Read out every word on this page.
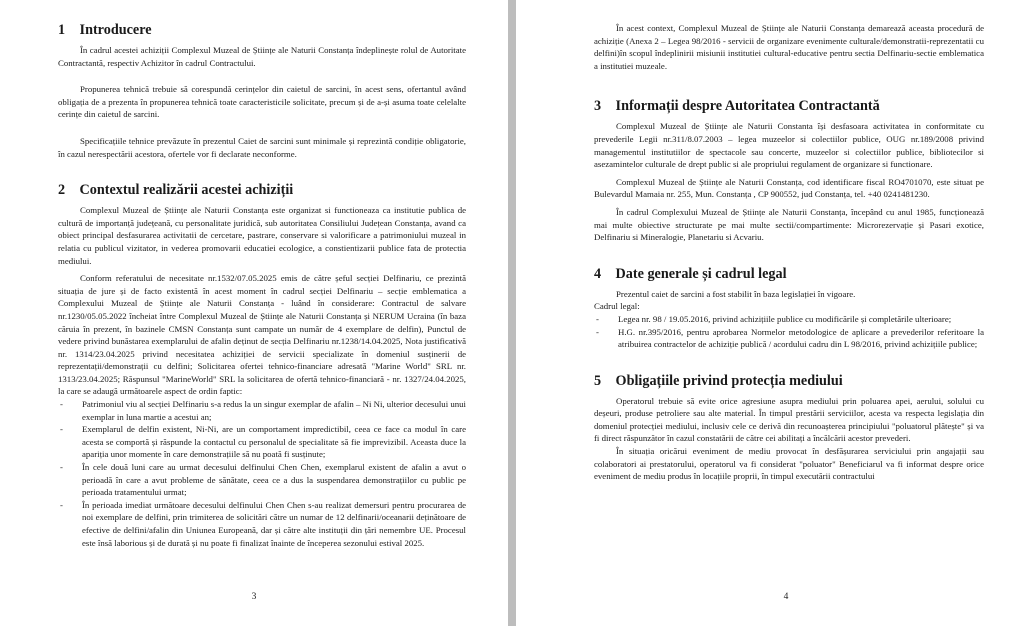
1 Introducere

În cadrul acestei achiziții Complexul Muzeal de Științe ale Naturii Constanța îndeplinește rolul de Autoritate Contractantă, respectiv Achizitor în cadrul Contractului.

Propunerea tehnică trebuie să corespundă cerințelor din caietul de sarcini, în acest sens, ofertantul având obligația de a prezenta în propunerea tehnică toate caracteristicile solicitate, precum și de a-și asuma toate celelalte cerințe din caietul de sarcini.

Specificațiile tehnice prevăzute în prezentul Caiet de sarcini sunt minimale și reprezintă condiție obligatorie, în cazul nerespectării acestora, ofertele vor fi declarate neconforme.

2 Contextul realizării acestei achiziții

Complexul Muzeal de Științe ale Naturii Constanța este organizat si functioneaza ca institutie publica de cultură de importanță județeană, cu personalitate juridică, sub autoritatea Consiliului Județean Constanța, avand ca obiect principal desfasurarea activitatii de cercetare, pastrare, conservare si valorificare a patrimoniului muzeal in relatia cu publicul vizitator, in vederea promovarii educatiei ecologice, a constientizarii publice fata de protectia mediului.

Conform referatului de necesitate nr.1532/07.05.2025 emis de către șeful secției Delfinariu, ce prezintă situația de jure și de facto existentă în acest moment în cadrul secției Delfinariu – secție emblematica a Complexului Muzeal de Științe ale Naturii Constanța - luând în considerare: Contractul de salvare nr.1230/05.05.2022 încheiat între Complexul Muzeal de Științe ale Naturii Constanța și NERUM Ucraina (în baza căruia în prezent, în bazinele CMSN Constanța sunt campate un număr de 4 exemplare de delfin), Punctul de vedere privind bunăstarea exemplarului de afalin deținut de secția Delfinariu nr.1238/14.04.2025, Nota justificativă nr. 1314/23.04.2025 privind necesitatea achiziției de servicii specializate în domeniul susținerii de reprezentații/demonstrații cu delfini; Solicitarea ofertei tehnico-financiare adresată "Marine World" SRL nr. 1313/23.04.2025; Răspunsul "MarineWorld" SRL la solicitarea de ofertă tehnico-financiară - nr. 1327/24.04.2025, la care se adaugă următoarele aspect de ordin faptic:

- Patrimoniul viu al secției Delfinariu s-a redus la un singur exemplar de afalin – Ni Ni, ulterior decesului unui exemplar in luna martie a acestui an;
- Exemplarul de delfin existent, Ni-Ni, are un comportament impredictibil, ceea ce face ca modul în care acesta se comportă și răspunde la contactul cu personalul de specialitate să fie imprevizibil. Aceasta duce la apariția unor momente în care demonstrațiile să nu poată fi susținute;
- În cele două luni care au urmat decesului delfinului Chen Chen, exemplarul existent de afalin a avut o perioadă în care a avut probleme de sănătate, ceea ce a dus la suspendarea demonstrațiilor cu public pe perioada tratamentului urmat;
- În perioada imediat următoare decesului delfinului Chen Chen s-au realizat demersuri pentru procurarea de noi exemplare de delfini, prin trimiterea de solicitări către un numar de 12 delfinarii/oceanarii deținătoare de efective de delfini/afalin din Uniunea Europeană, dar și către alte instituții din țări nemembre UE. Procesul este însă laborious și de durată și nu poate fi finalizat înainte de începerea sezonului estival 2025.
3

În acest context, Complexul Muzeal de Științe ale Naturii Constanța demarează aceasta procedură de achiziție (Anexa 2 – Legea 98/2016 - servicii de organizare evenimente culturale/demonstratii-reprezentatii cu delfini)în scopul îndeplinirii misiunii institutiei cultural-educative pentru sectia Delfinariu-sectie emblematica a institutiei muzeale.

3 Informații despre Autoritatea Contractantă

Complexul Muzeal de Științe ale Naturii Constanta își desfasoara activitatea in conformitate cu prevederile Legii nr.311/8.07.2003 – legea muzeelor si colectiilor publice, OUG nr.189/2008 privind managementul institutiilor de spectacole sau concerte, muzeelor si colectiilor publice, bibliotecilor si asezamintelor culturale de drept public si ale propriului regulament de organizare si functionare.

Complexul Muzeal de Științe ale Naturii Constanța, cod identificare fiscal RO4701070, este situat pe Bulevardul Mamaia nr. 255, Mun. Constanța , CP 900552, jud Constanța, tel. +40 0241481230.

În cadrul Complexului Muzeal de Științe ale Naturii Constanța, începând cu anul 1985, funcționează mai multe obiective structurate pe mai multe sectii/compartimente: Microrezervație și Pasari exotice, Delfinariu si Mineralogie, Planetariu si Acvariu.

4 Date generale și cadrul legal

Prezentul caiet de sarcini a fost stabilit în baza legislației în vigoare.

Cadrul legal:

- Legea nr. 98 / 19.05.2016, privind achizițiile publice cu modificările și completările ulterioare;
- H.G. nr.395/2016, pentru aprobarea Normelor metodologice de aplicare a prevederilor referitoare la atribuirea contractelor de achiziție publică / acordului cadru din L 98/2016, privind achizițiile publice;
5 Obligațiile privind protecția mediului

Operatorul trebuie să evite orice agresiune asupra mediului prin poluarea apei, aerului, solului cu deșeuri, produse petroliere sau alte material. În timpul prestării serviciilor, acesta va respecta legislația din domeniul protecției mediului, inclusiv cele ce derivă din recunoașterea principiului "poluatorul plătește" și va fi direct răspunzător în cazul constatării de către cei abilitați a încălcării acestor prevederi.

În situația oricărui eveniment de mediu provocat în desfășurarea serviciului prin angajații sau colaboratori ai prestatorului, operatorul va fi considerat "poluator" Beneficiarul va fi informat despre orice eveniment de mediu produs în locațiile proprii, în timpul executării contractului

4
